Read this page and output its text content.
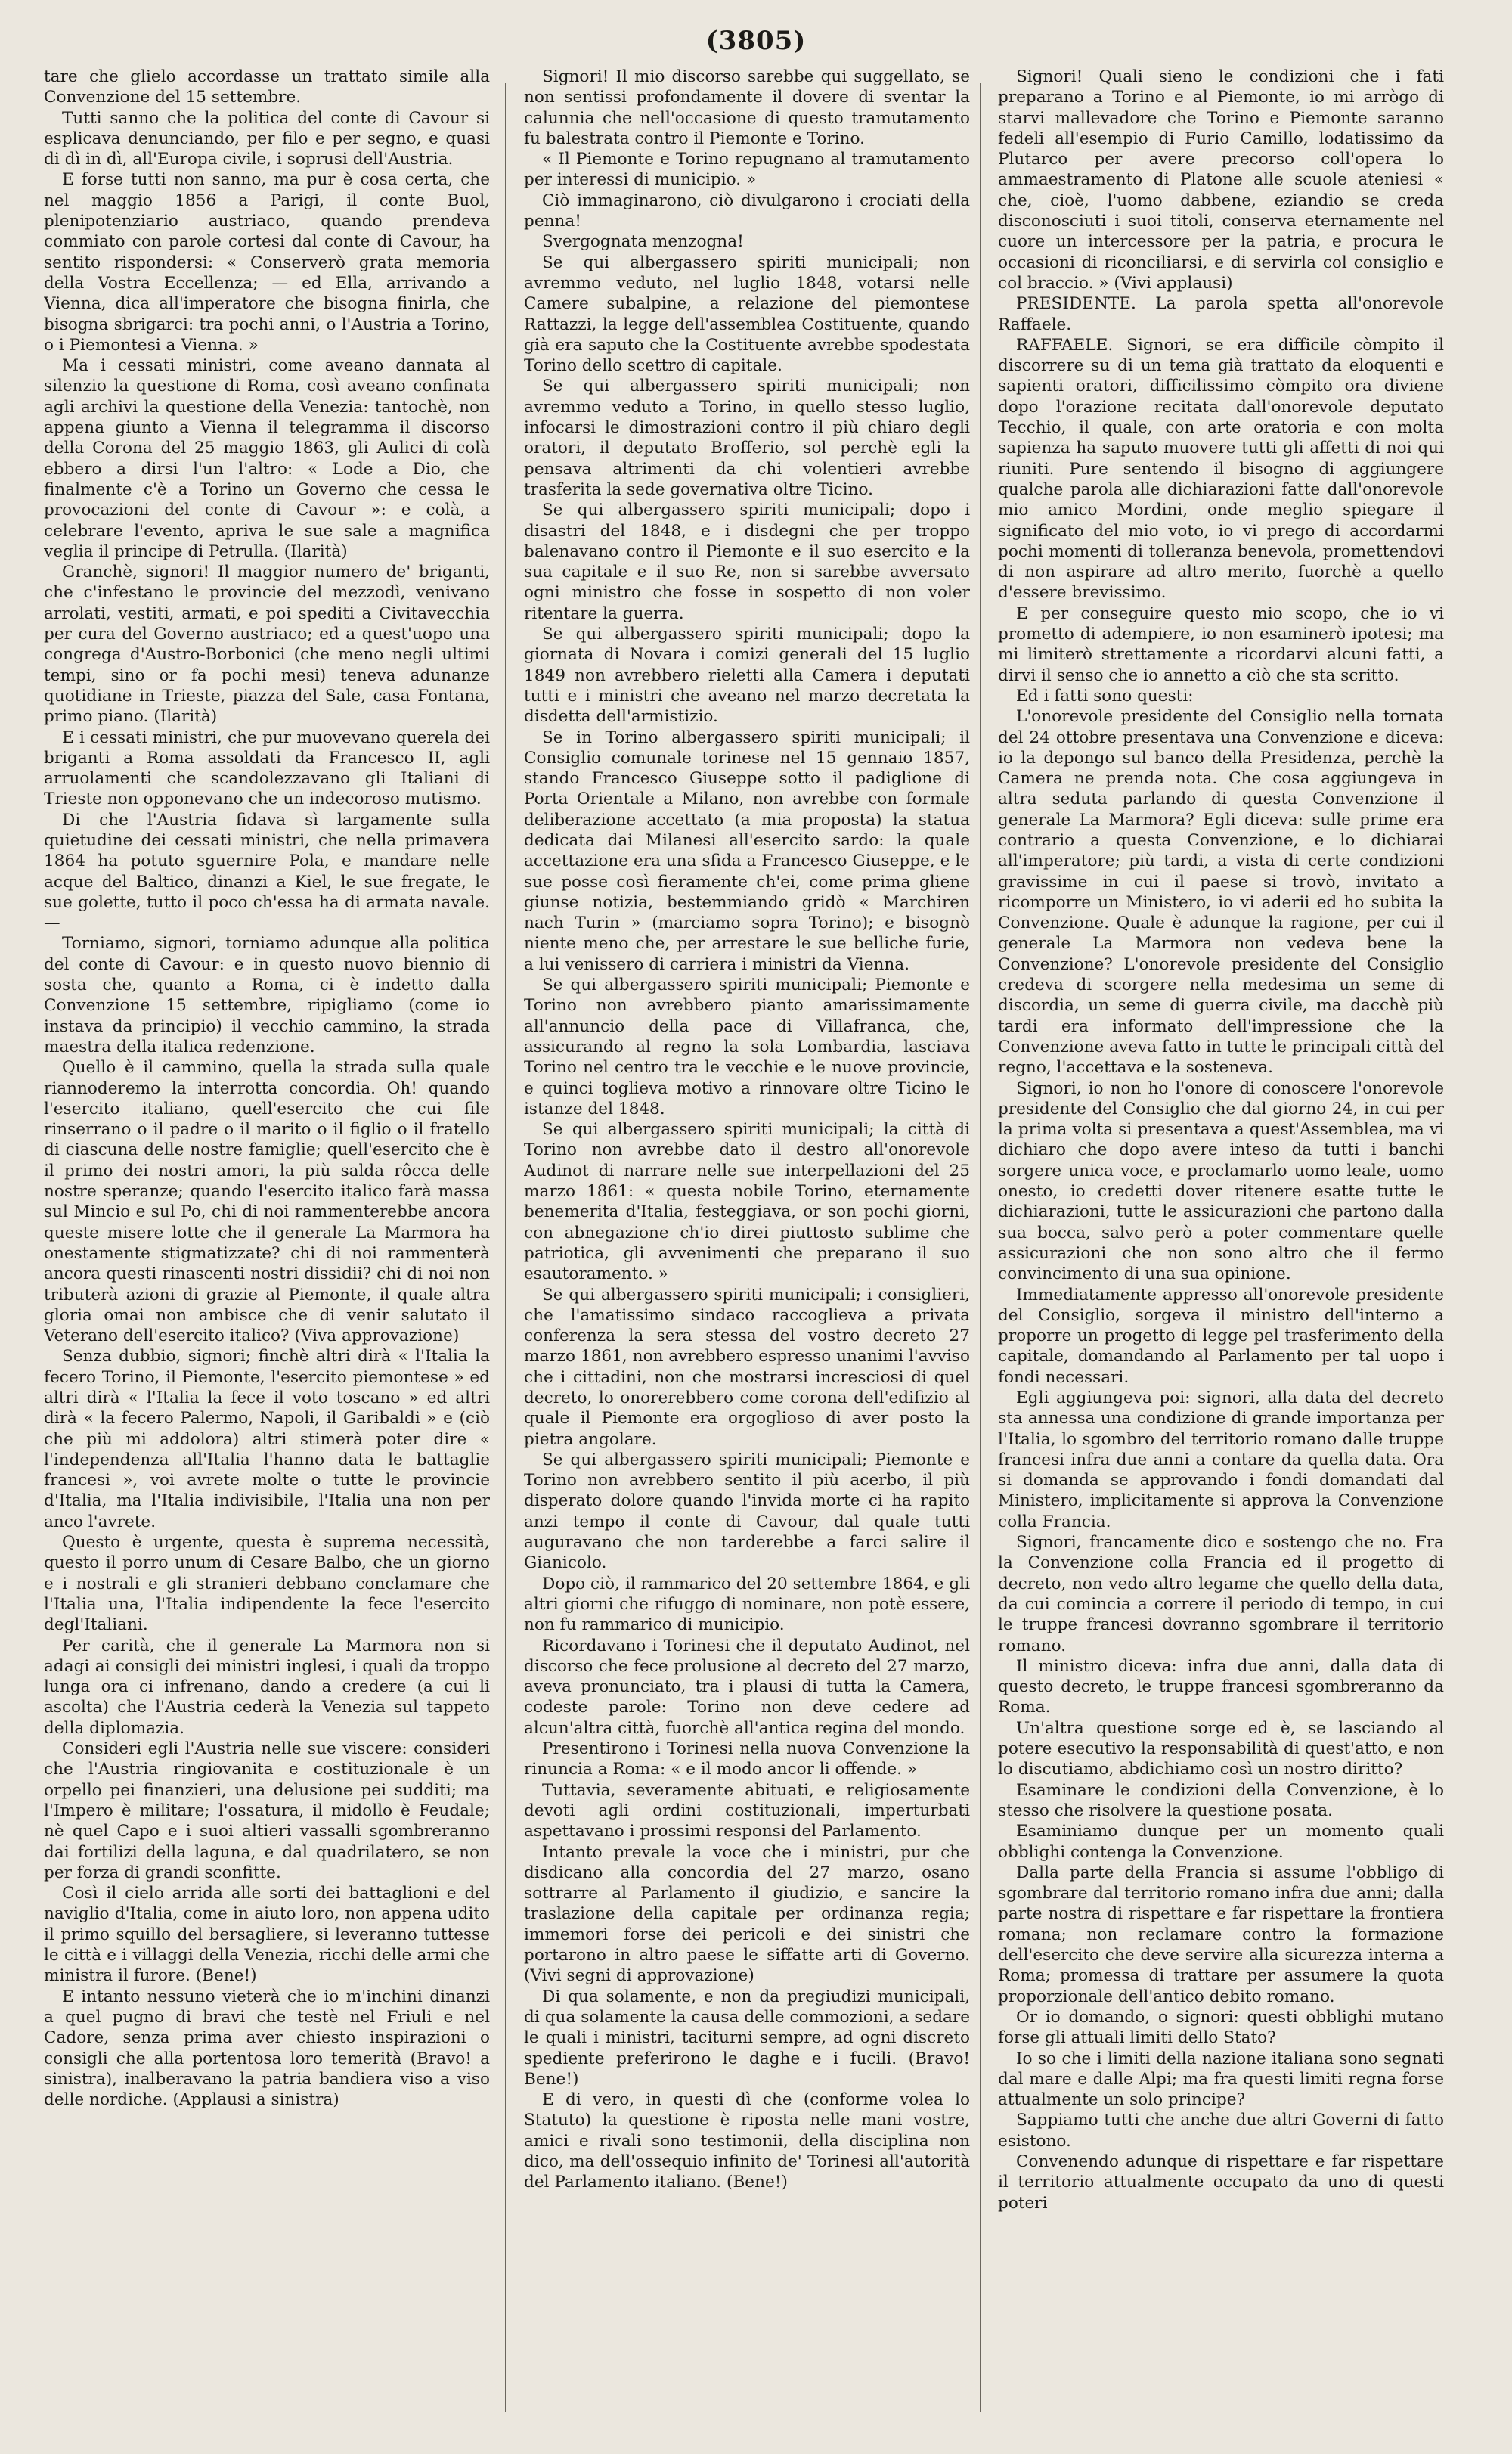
(3805)

tare che glielo accordasse un trattato simile alla Convenzione del 15 settembre.

Tutti sanno che la politica del conte di Cavour si esplicava denunciando, per filo e per segno, e quasi di dì in dì, all'Europa civile, i soprusi dell'Austria.

E forse tutti non sanno, ma pur è cosa certa, che nel maggio 1856 a Parigi, il conte Buol, plenipotenziario austriaco, quando prendeva commiato con parole cortesi dal conte di Cavour, ha sentito rispondersi: « Conserverò grata memoria della Vostra Eccellenza; — ed Ella, arrivando a Vienna, dica all'imperatore che bisogna finirla, che bisogna sbrigarci: tra pochi anni, o l'Austria a Torino, o i Piemontesi a Vienna. »

Ma i cessati ministri, come aveano dannata al silenzio la questione di Roma, così aveano confinata agli archivi la questione della Venezia: tantochè, non appena giunto a Vienna il telegramma il discorso della Corona del 25 maggio 1863, gli Aulici di colà ebbero a dirsi l'un l'altro: « Lode a Dio, che finalmente c'è a Torino un Governo che cessa le provocazioni del conte di Cavour »: e colà, a celebrare l'evento, apriva le sue sale a magnifica veglia il principe di Petrulla. (Ilarità)

Granchè, signori! Il maggior numero de' briganti, che c'infestano le provincie del mezzodì, venivano arrolati, vestiti, armati, e poi spediti a Civitavecchia per cura del Governo austriaco; ed a quest'uopo una congrega d'Austro-Borbonici (che meno negli ultimi tempi, sino or fa pochi mesi) teneva adunanze quotidiane in Trieste, piazza del Sale, casa Fontana, primo piano. (Ilarità)

E i cessati ministri, che pur muovevano querela dei briganti a Roma assoldati da Francesco II, agli arruolamenti che scandolezzavano gli Italiani di Trieste non opponevano che un indecoroso mutismo.

Di che l'Austria fidava sì largamente sulla quietudine dei cessati ministri, che nella primavera 1864 ha potuto sguernire Pola, e mandare nelle acque del Baltico, dinanzi a Kiel, le sue fregate, le sue golette, tutto il poco ch'essa ha di armata navale. —

Torniamo, signori, torniamo adunque alla politica del conte di Cavour: e in questo nuovo biennio di sosta che, quanto a Roma, ci è indetto dalla Convenzione 15 settembre, ripigliamo (come io instava da principio) il vecchio cammino, la strada maestra della italica redenzione.

Quello è il cammino, quella la strada sulla quale riannoderemo la interrotta concordia. Oh! quando l'esercito italiano, quell'esercito che cui file rinserrano o il padre o il marito o il figlio o il fratello di ciascuna delle nostre famiglie; quell'esercito che è il primo dei nostri amori, la più salda rôcca delle nostre speranze; quando l'esercito italico farà massa sul Mincio e sul Po, chi di noi rammenterebbe ancora queste misere lotte che il generale La Marmora ha onestamente stigmatizzate? chi di noi rammenterà ancora questi rinascenti nostri dissidii? chi di noi non tributerà azioni di grazie al Piemonte, il quale altra gloria omai non ambisce che di venir salutato il Veterano dell'esercito italico? (Viva approvazione)

Senza dubbio, signori; finchè altri dirà « l'Italia la fecero Torino, il Piemonte, l'esercito piemontese » ed altri dirà « l'Italia la fece il voto toscano » ed altri dirà « la fecero Palermo, Napoli, il Garibaldi » e (ciò che più mi addolora) altri stimerà poter dire « l'independenza all'Italia l'hanno data le battaglie francesi », voi avrete molte o tutte le provincie d'Italia, ma l'Italia indivisibile, l'Italia una non per anco l'avrete.

Questo è urgente, questa è suprema necessità, questo il porro unum di Cesare Balbo, che un giorno e i nostrali e gli stranieri debbano conclamare che l'Italia una, l'Italia indipendente la fece l'esercito degl'Italiani.

Per carità, che il generale La Marmora non si adagi ai consigli dei ministri inglesi, i quali da troppo lunga ora ci infrenano, dando a credere (a cui li ascolta) che l'Austria cederà la Venezia sul tappeto della diplomazia.

Consideri egli l'Austria nelle sue viscere: consideri che l'Austria ringiovanita e costituzionale è un orpello pei finanzieri, una delusione pei sudditi; ma l'Impero è militare; l'ossatura, il midollo è Feudale; nè quel Capo e i suoi altieri vassalli sgombreranno dai fortilizi della laguna, e dal quadrilatero, se non per forza di grandi sconfitte.

Così il cielo arrida alle sorti dei battaglioni e del naviglio d'Italia, come in aiuto loro, non appena udito il primo squillo del bersagliere, si leveranno tuttesse le città e i villaggi della Venezia, ricchi delle armi che ministra il furore. (Bene!)

E intanto nessuno vieterà che io m'inchini dinanzi a quel pugno di bravi che testè nel Friuli e nel Cadore, senza prima aver chiesto inspirazioni o consigli che alla portentosa loro temerità (Bravo! a sinistra), inalberavano la patria bandiera viso a viso delle nordiche. (Applausi a sinistra)

Signori! Il mio discorso sarebbe qui suggellato, se non sentissi profondamente il dovere di sventar la calunnia che nell'occasione di questo tramutamento fu balestrata contro il Piemonte e Torino.

« Il Piemonte e Torino repugnano al tramutamento per interessi di municipio. »

Ciò immaginarono, ciò divulgarono i crociati della penna!

Svergognata menzogna!

Se qui albergassero spiriti municipali; non avremmo veduto, nel luglio 1848, votarsi nelle Camere subalpine, a relazione del piemontese Rattazzi, la legge dell'assemblea Costituente, quando già era saputo che la Costituente avrebbe spodestata Torino dello scettro di capitale.

Se qui albergassero spiriti municipali; non avremmo veduto a Torino, in quello stesso luglio, infocarsi le dimostrazioni contro il più chiaro degli oratori, il deputato Brofferio, sol perchè egli la pensava altrimenti da chi volentieri avrebbe trasferita la sede governativa oltre Ticino.

Se qui albergassero spiriti municipali; dopo i disastri del 1848, e i disdegni che per troppo balenavano contro il Piemonte e il suo esercito e la sua capitale e il suo Re, non si sarebbe avversato ogni ministro che fosse in sospetto di non voler ritentare la guerra.

Se qui albergassero spiriti municipali; dopo la giornata di Novara i comizi generali del 15 luglio 1849 non avrebbero rieletti alla Camera i deputati tutti e i ministri che aveano nel marzo decretata la disdetta dell'armistizio.

Se in Torino albergassero spiriti municipali; il Consiglio comunale torinese nel 15 gennaio 1857, stando Francesco Giuseppe sotto il padiglione di Porta Orientale a Milano, non avrebbe con formale deliberazione accettato (a mia proposta) la statua dedicata dai Milanesi all'esercito sardo: la quale accettazione era una sfida a Francesco Giuseppe, e le sue posse così fieramente ch'ei, come prima gliene giunse notizia, bestemmiando gridò « Marchiren nach Turin » (marciamo sopra Torino); e bisognò niente meno che, per arrestare le sue belliche furie, a lui venissero di carriera i ministri da Vienna.

Se qui albergassero spiriti municipali; Piemonte e Torino non avrebbero pianto amarissimamente all'annuncio della pace di Villafranca, che, assicurando al regno la sola Lombardia, lasciava Torino nel centro tra le vecchie e le nuove provincie, e quinci toglieva motivo a rinnovare oltre Ticino le istanze del 1848.

Se qui albergassero spiriti municipali; la città di Torino non avrebbe dato il destro all'onorevole Audinot di narrare nelle sue interpellazioni del 25 marzo 1861: « questa nobile Torino, eternamente benemerita d'Italia, festeggiava, or son pochi giorni, con abnegazione ch'io direi piuttosto sublime che patriotica, gli avvenimenti che preparano il suo esautoramento. »

Se qui albergassero spiriti municipali; i consiglieri, che l'amatissimo sindaco raccoglieva a privata conferenza la sera stessa del vostro decreto 27 marzo 1861, non avrebbero espresso unanimi l'avviso che i cittadini, non che mostrarsi incresciosi di quel decreto, lo onorerebbero come corona dell'edifizio al quale il Piemonte era orgoglioso di aver posto la pietra angolare.

Se qui albergassero spiriti municipali; Piemonte e Torino non avrebbero sentito il più acerbo, il più disperato dolore quando l'invida morte ci ha rapito anzi tempo il conte di Cavour, dal quale tutti auguravano che non tarderebbe a farci salire il Gianicolo.

Dopo ciò, il rammarico del 20 settembre 1864, e gli altri giorni che rifuggo di nominare, non potè essere, non fu rammarico di municipio.

Ricordavano i Torinesi che il deputato Audinot, nel discorso che fece prolusione al decreto del 27 marzo, aveva pronunciato, tra i plausi di tutta la Camera, codeste parole: Torino non deve cedere ad alcun'altra città, fuorchè all'antica regina del mondo.

Presentirono i Torinesi nella nuova Convenzione la rinuncia a Roma: « e il modo ancor li offende. »

Tuttavia, severamente abituati, e religiosamente devoti agli ordini costituzionali, imperturbati aspettavano i prossimi responsi del Parlamento.

Intanto prevale la voce che i ministri, pur che disdicano alla concordia del 27 marzo, osano sottrarre al Parlamento il giudizio, e sancire la traslazione della capitale per ordinanza regia; immemori forse dei pericoli e dei sinistri che portarono in altro paese le siffatte arti di Governo. (Vivi segni di approvazione)

Di qua solamente, e non da pregiudizi municipali, di qua solamente la causa delle commozioni, a sedare le quali i ministri, taciturni sempre, ad ogni discreto spediente preferirono le daghe e i fucili. (Bravo! Bene!)

E di vero, in questi dì che (conforme volea lo Statuto) la questione è riposta nelle mani vostre, amici e rivali sono testimonii, della disciplina non dico, ma dell'ossequio infinito de' Torinesi all'autorità del Parlamento italiano. (Bene!)

Signori! Quali sieno le condizioni che i fati preparano a Torino e al Piemonte, io mi arrògo di starvi mallevadore che Torino e Piemonte saranno fedeli all'esempio di Furio Camillo, lodatissimo da Plutarco per avere precorso coll'opera lo ammaestramento di Platone alle scuole ateniesi « che, cioè, l'uomo dabbene, eziandio se creda disconosciuti i suoi titoli, conserva eternamente nel cuore un intercessore per la patria, e procura le occasioni di riconciliarsi, e di servirla col consiglio e col braccio. » (Vivi applausi)

PRESIDENTE. La parola spetta all'onorevole Raffaele.

RAFFAELE. Signori, se era difficile còmpito il discorrere su di un tema già trattato da eloquenti e sapienti oratori, difficilissimo còmpito ora diviene dopo l'orazione recitata dall'onorevole deputato Tecchio, il quale, con arte oratoria e con molta sapienza ha saputo muovere tutti gli affetti di noi qui riuniti. Pure sentendo il bisogno di aggiungere qualche parola alle dichiarazioni fatte dall'onorevole mio amico Mordini, onde meglio spiegare il significato del mio voto, io vi prego di accordarmi pochi momenti di tolleranza benevola, promettendovi di non aspirare ad altro merito, fuorchè a quello d'essere brevissimo.

E per conseguire questo mio scopo, che io vi prometto di adempiere, io non esaminerò ipotesi; ma mi limiterò strettamente a ricordarvi alcuni fatti, a dirvi il senso che io annetto a ciò che sta scritto.

Ed i fatti sono questi:

L'onorevole presidente del Consiglio nella tornata del 24 ottobre presentava una Convenzione e diceva: io la depongo sul banco della Presidenza, perchè la Camera ne prenda nota. Che cosa aggiungeva in altra seduta parlando di questa Convenzione il generale La Marmora? Egli diceva: sulle prime era contrario a questa Convenzione, e lo dichiarai all'imperatore; più tardi, a vista di certe condizioni gravissime in cui il paese si trovò, invitato a ricomporre un Ministero, io vi aderii ed ho subita la Convenzione. Quale è adunque la ragione, per cui il generale La Marmora non vedeva bene la Convenzione? L'onorevole presidente del Consiglio credeva di scorgere nella medesima un seme di discordia, un seme di guerra civile, ma dacchè più tardi era informato dell'impressione che la Convenzione aveva fatto in tutte le principali città del regno, l'accettava e la sosteneva.

Signori, io non ho l'onore di conoscere l'onorevole presidente del Consiglio che dal giorno 24, in cui per la prima volta si presentava a quest'Assemblea, ma vi dichiaro che dopo avere inteso da tutti i banchi sorgere unica voce, e proclamarlo uomo leale, uomo onesto, io credetti dover ritenere esatte tutte le dichiarazioni, tutte le assicurazioni che partono dalla sua bocca, salvo però a poter commentare quelle assicurazioni che non sono altro che il fermo convincimento di una sua opinione.

Immediatamente appresso all'onorevole presidente del Consiglio, sorgeva il ministro dell'interno a proporre un progetto di legge pel trasferimento della capitale, domandando al Parlamento per tal uopo i fondi necessari.

Egli aggiungeva poi: signori, alla data del decreto sta annessa una condizione di grande importanza per l'Italia, lo sgombro del territorio romano dalle truppe francesi infra due anni a contare da quella data. Ora si domanda se approvando i fondi domandati dal Ministero, implicitamente si approva la Convenzione colla Francia.

Signori, francamente dico e sostengo che no. Fra la Convenzione colla Francia ed il progetto di decreto, non vedo altro legame che quello della data, da cui comincia a correre il periodo di tempo, in cui le truppe francesi dovranno sgombrare il territorio romano.

Il ministro diceva: infra due anni, dalla data di questo decreto, le truppe francesi sgombreranno da Roma.

Un'altra questione sorge ed è, se lasciando al potere esecutivo la responsabilità di quest'atto, e non lo discutiamo, abdichiamo così un nostro diritto?

Esaminare le condizioni della Convenzione, è lo stesso che risolvere la questione posata.

Esaminiamo dunque per un momento quali obblighi contenga la Convenzione.

Dalla parte della Francia si assume l'obbligo di sgombrare dal territorio romano infra due anni; dalla parte nostra di rispettare e far rispettare la frontiera romana; non reclamare contro la formazione dell'esercito che deve servire alla sicurezza interna a Roma; promessa di trattare per assumere la quota proporzionale dell'antico debito romano.

Or io domando, o signori: questi obblighi mutano forse gli attuali limiti dello Stato?

Io so che i limiti della nazione italiana sono segnati dal mare e dalle Alpi; ma fra questi limiti regna forse attualmente un solo principe?

Sappiamo tutti che anche due altri Governi di fatto esistono.

Convenendo adunque di rispettare e far rispettare il territorio attualmente occupato da uno di questi poteri
